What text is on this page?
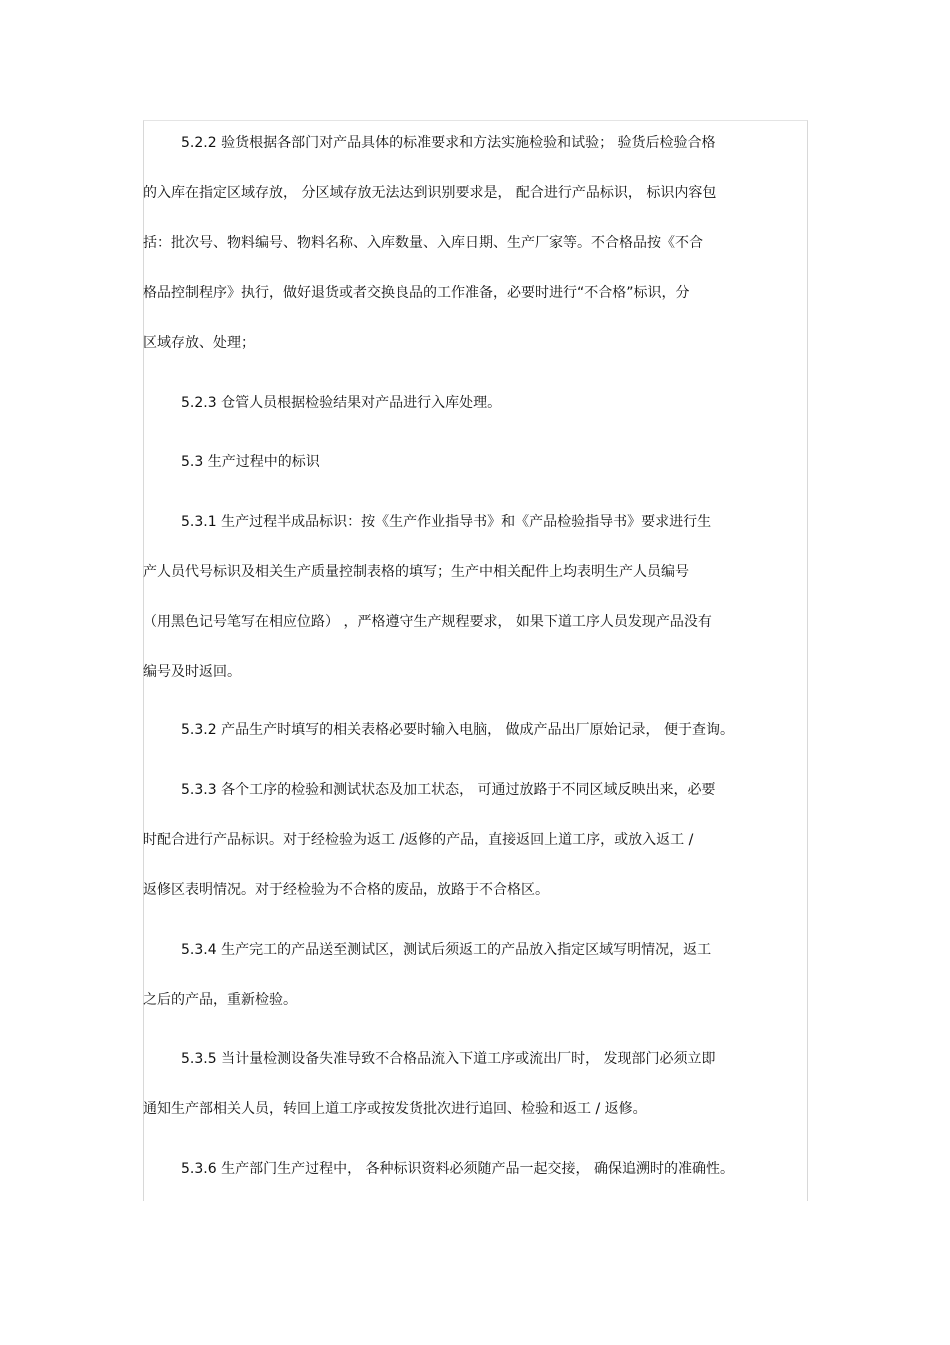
5.2.2 验货根据各部门对产品具体的标准要求和方法实施检验和试验； 验货后检验合格
的入库在指定区域存放， 分区域存放无法达到识别要求是， 配合进行产品标识， 标识内容包
括：批次号、物料编号、物料名称、入库数量、入库日期、生产厂家等。不合格品按《不合
格品控制程序》执行，做好退货或者交换良品的工作准备，必要时进行“不合格”标识，分
区域存放、处理；
5.2.3 仓管人员根据检验结果对产品进行入库处理。
5.3 生产过程中的标识
5.3.1 生产过程半成品标识：按《生产作业指导书》和《产品检验指导书》要求进行生
产人员代号标识及相关生产质量控制表格的填写；生产中相关配件上均表明生产人员编号
（用黑色记号笔写在相应位路） ，严格遵守生产规程要求， 如果下道工序人员发现产品没有
编号及时返回。
5.3.2 产品生产时填写的相关表格必要时输入电脑， 做成产品出厂原始记录， 便于查询。
5.3.3 各个工序的检验和测试状态及加工状态， 可通过放路于不同区域反映出来，必要
时配合进行产品标识。对于经检验为返工 /返修的产品，直接返回上道工序，或放入返工 /
返修区表明情况。对于经检验为不合格的废品，放路于不合格区。
5.3.4 生产完工的产品送至测试区，测试后须返工的产品放入指定区域写明情况，返工
之后的产品，重新检验。
5.3.5 当计量检测设备失准导致不合格品流入下道工序或流出厂时， 发现部门必须立即
通知生产部相关人员，转回上道工序或按发货批次进行追回、检验和返工 / 返修。
5.3.6 生产部门生产过程中， 各种标识资料必须随产品一起交接， 确保追溯时的准确性。
